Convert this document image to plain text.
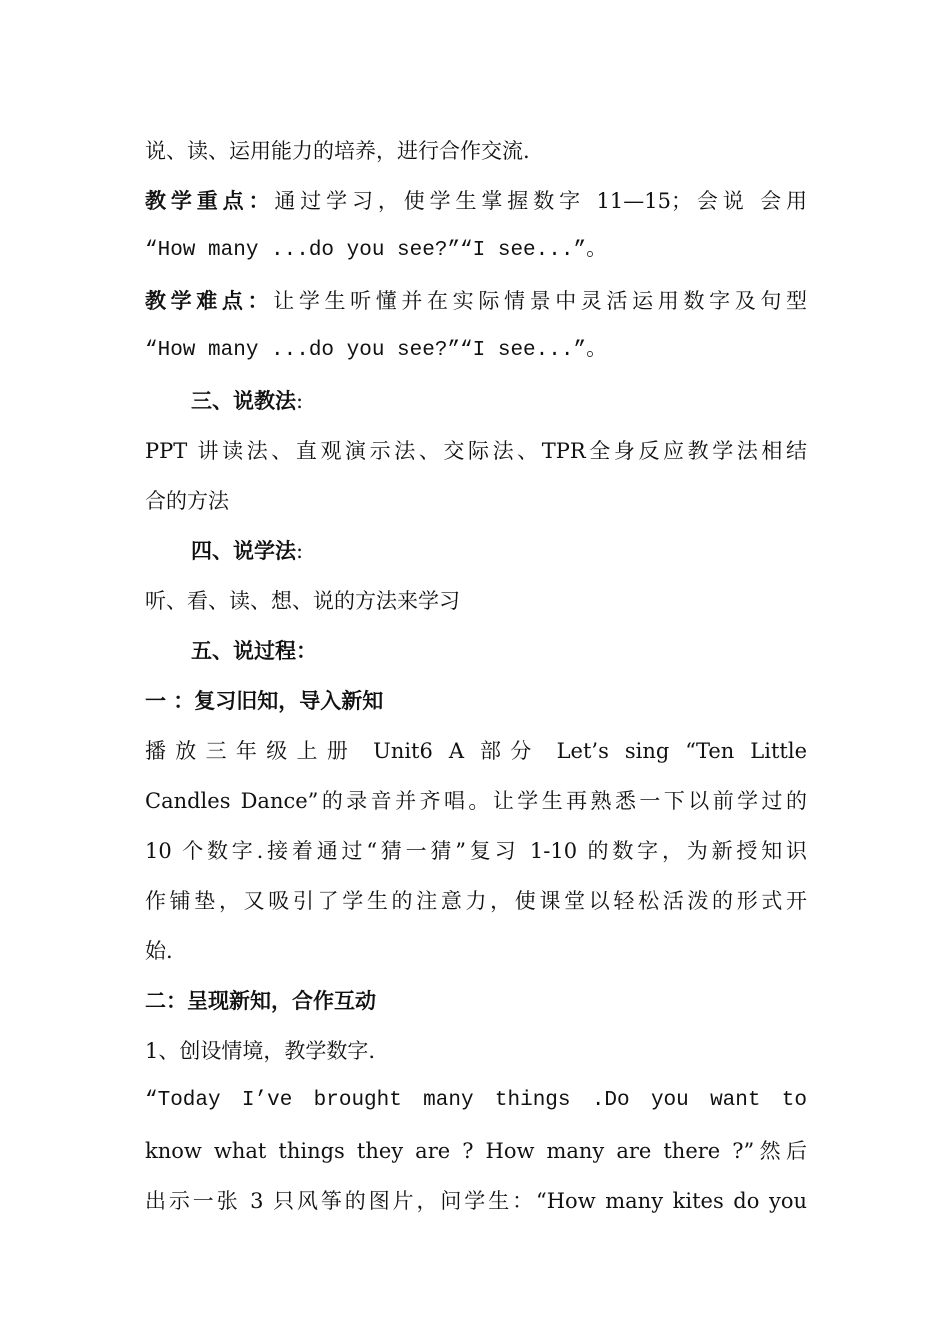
说、读、运用能力的培养，进行合作交流.
教学重点：通过学习，使学生掌握数字 11—15；会说 会用
“How many ...do you see?”“I see...”。
教学难点：让学生听懂并在实际情景中灵活运用数字及句型
“How many ...do you see?”“I see...”。
三、说教法:
PPT 讲读法、直观演示法、交际法、TPR全身反应教学法相结
合的方法
四、说学法:
听、看、读、想、说的方法来学习
五、说过程：
一 ：复习旧知，导入新知
播放三年级上册 Unit6 A 部分 Let’s sing “Ten Little
Candles Dance”的录音并齐唱。让学生再熟悉一下以前学过的
10 个数字.接着通过“猜一猜”复习 1-10 的数字，为新授知识
作铺垫，又吸引了学生的注意力，使课堂以轻松活泼的形式开
始.
二：呈现新知，合作互动
1、创设情境，教学数字.
“Today I’ve brought many things .Do you want to
know what things they are ? How many are there ?”然后
出示一张 3 只风筝的图片，问学生：“How many kites do you
